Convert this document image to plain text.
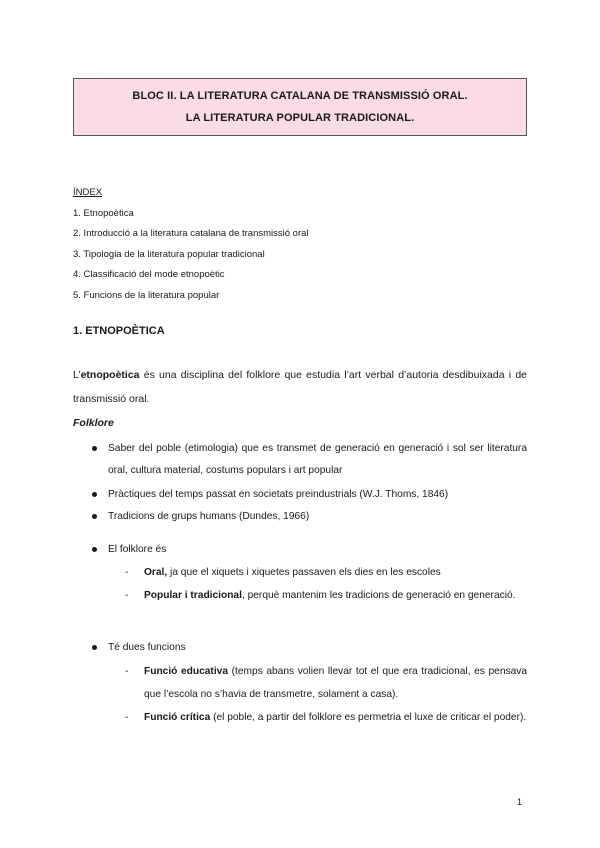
BLOC II. LA LITERATURA CATALANA DE TRANSMISSIÓ ORAL.
LA LITERATURA POPULAR TRADICIONAL.
ÍNDEX
1. Etnopoètica
2. Introducció a la literatura catalana de transmissió oral
3. Tipologia de la literatura popular tradicional
4. Classificació del mode etnopoètic
5. Funcions de la literatura popular
1. ETNOPOÈTICA
L’etnopoètica és una disciplina del folklore que estudia l’art verbal d’autoria desdibuixada i de transmissió oral.
Folklore
Saber del poble (etimologia) que es transmet de generació en generació i sol ser literatura oral, cultura material, costums populars i art popular
Pràctiques del temps passat en societats preindustrials (W.J. Thoms, 1846)
Tradicions de grups humans (Dundes, 1966)
El folklore és
- Oral, ja que el xiquets i xiquetes passaven els dies en les escoles
- Popular i tradicional, perquè mantenim les tradicions de generació en generació.
Té dues funcions
- Funció educativa (temps abans volien llevar tot el que era tradicional, es pensava que l’escola no s’havia de transmetre, solament a casa).
- Funció crítica (el poble, a partir del folklore es permetria el luxe de criticar el poder).
1
